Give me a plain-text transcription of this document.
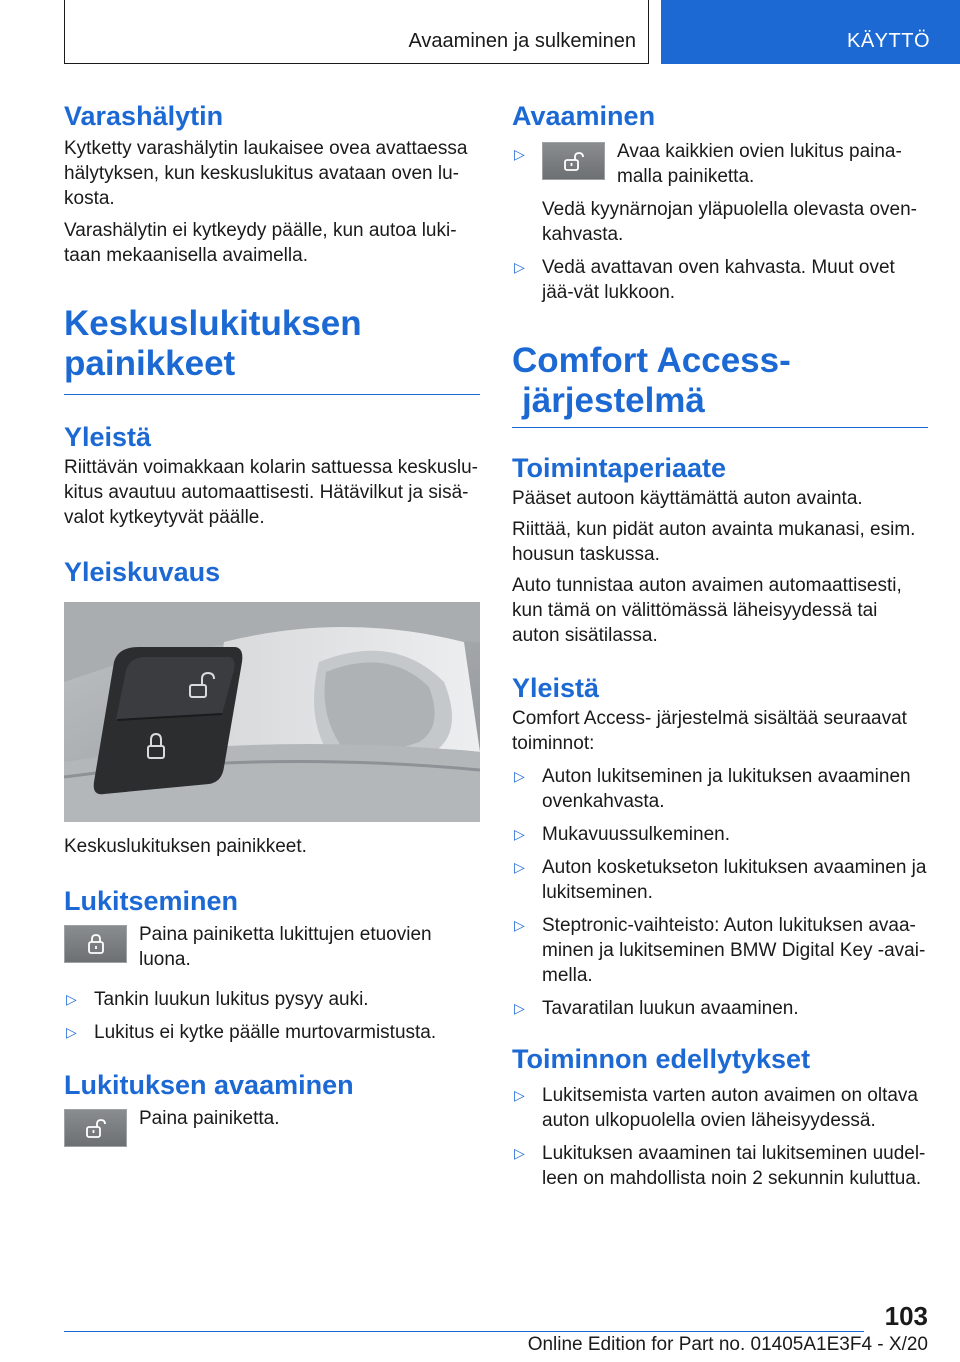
Avaaminen ja sulkeminen	KÄYTTÖ
Varashälytin

Kytketty varashälytin laukaisee ovea avattaessa hälytyksen, kun keskuslukitus avataan oven lu-kosta.

Varashälytin ei kytkeydy päälle, kun autoa luki-taan mekaanisella avaimella.

Keskuslukituksen painikkeet
Yleistä

Riittävän voimakkaan kolarin sattuessa keskuslu-kitus avautuu automaattisesti. Hätävilkut ja sisä-valot kytkeytyvät päälle.

Yleiskuvaus

Keskuslukituksen painikkeet.

Lukitseminen

Paina painiketta lukittujen etuovien luona.

▷ Tankin luukun lukitus pysyy auki.
▷ Lukitus ei kytke päälle murtovarmistusta.
Lukituksen avaaminen

Paina painiketta.

Avaaminen
▷	Avaa kaikkien ovien lukitus paina-malla painiketta.

Vedä kyynärnojan yläpuolella olevasta oven-kahvasta.

▷ Vedä avattavan oven kahvasta. Muut ovet jää-vät lukkoon.
Comfort Access-
järjestelmä
Toimintaperiaate

Pääset autoon käyttämättä auton avainta.

Riittää, kun pidät auton avainta mukanasi, esim. housun taskussa.

Auto tunnistaa auton avaimen automaattisesti, kun tämä on välittömässä läheisyydessä tai auton sisätilassa.

Yleistä

Comfort Access- järjestelmä sisältää seuraavat toiminnot:

▷ Auton lukitseminen ja lukituksen avaaminen ovenkahvasta.
▷ Mukavuussulkeminen.
▷ Auton kosketukseton lukituksen avaaminen ja lukitseminen.
▷ Steptronic-vaihteisto: Auton lukituksen avaa-minen ja lukitseminen BMW Digital Key -avai-mella.
▷ Tavaratilan luukun avaaminen.
Toiminnon edellytykset
▷ Lukitsemista varten auton avaimen on oltava auton ulkopuolella ovien läheisyydessä.
▷ Lukituksen avaaminen tai lukitseminen uudel-leen on mahdollista noin 2 sekunnin kuluttua.
103
Online Edition for Part no. 01405A1E3F4 - X/20
